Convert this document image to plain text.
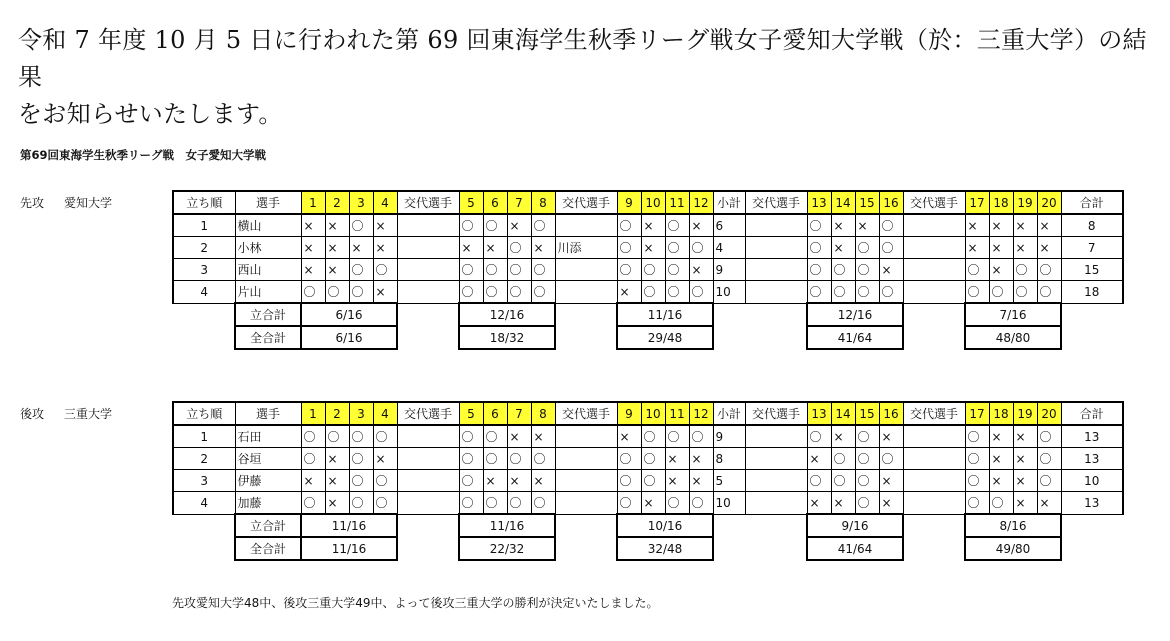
令和 7 年度 10 月 5 日に行われた第 69 回東海学生秋季リーグ戦女子愛知大学戦（於：三重大学）の結果
をお知らせいたします。
第69回東海学生秋季リーグ戦　女子愛知大学戦
先攻 愛知大学
後攻 三重大学
立ち順	選手	1	2	3	4	交代選手	5	6	7	8	交代選手	9	10	11	12	小計	交代選手	13	14	15	16	交代選手	17	18	19	20	合計
1	横山	×	×	〇	×		〇	〇	×	〇		〇	×	〇	×	6		〇	×	×	〇		×	×	×	×	8
2	小林	×	×	×	×		×	×	〇	×	川添	〇	×	〇	〇	4		〇	×	〇	〇		×	×	×	×	7
3	西山	×	×	〇	〇		〇	〇	〇	〇		〇	〇	〇	×	9		〇	〇	〇	×		〇	×	〇	〇	15
4	片山	〇	〇	〇	×		〇	〇	〇	〇		×	〇	〇	〇	10		〇	〇	〇	〇		〇	〇	〇	〇	18
	立合計	6/16					12/16					11/16						12/16					7/16				
	全合計	6/16					18/32					29/48						41/64					48/80				
立ち順	選手	1	2	3	4	交代選手	5	6	7	8	交代選手	9	10	11	12	小計	交代選手	13	14	15	16	交代選手	17	18	19	20	合計
1	石田	〇	〇	〇	〇		〇	〇	×	×		×	〇	〇	〇	9		〇	×	〇	×		〇	×	×	〇	13
2	谷垣	〇	×	〇	×		〇	〇	〇	〇		〇	〇	×	×	8		×	〇	〇	〇		〇	×	×	〇	13
3	伊藤	×	×	〇	〇		〇	×	×	×		〇	〇	×	×	5		〇	〇	〇	×		〇	×	×	〇	10
4	加藤	〇	×	〇	〇		〇	〇	〇	〇		〇	×	〇	〇	10		×	×	〇	×		〇	〇	×	×	13
	立合計	11/16					11/16					10/16						9/16					8/16				
	全合計	11/16					22/32					32/48						41/64					49/80				
先攻愛知大学48中、後攻三重大学49中、よって後攻三重大学の勝利が決定いたしました。
